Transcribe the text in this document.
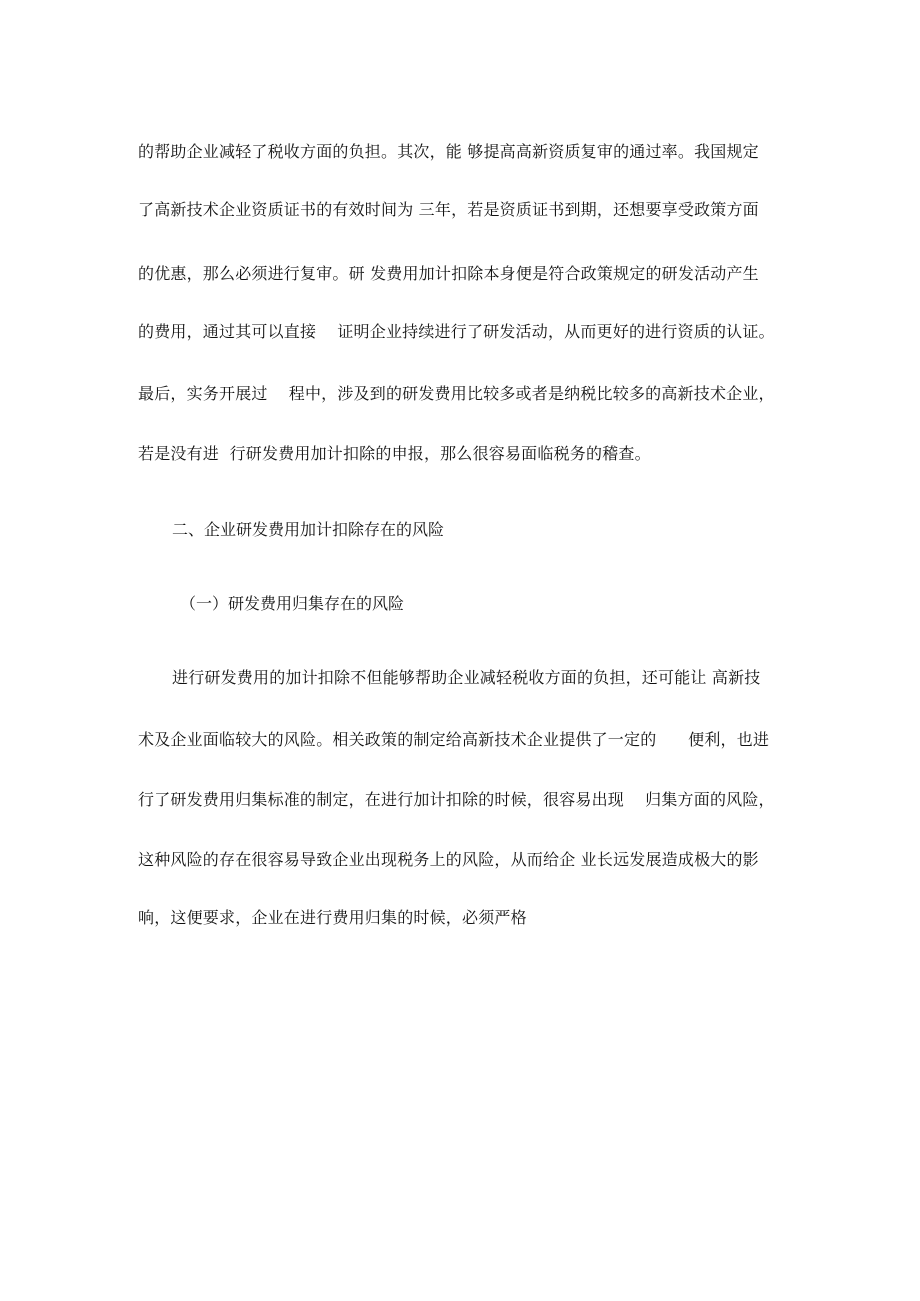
的帮助企业减轻了税收方面的负担。其次，能 够提高高新资质复审的通过率。我国规定
了高新技术企业资质证书的有效时间为 三年，若是资质证书到期，还想要享受政策方面
的优惠，那么必须进行复审。研 发费用加计扣除本身便是符合政策规定的研发活动产生
的费用，通过其可以直接    证明企业持续进行了研发活动，从而更好的进行资质的认证。
最后，实务开展过    程中，涉及到的研发费用比较多或者是纳税比较多的高新技术企业，
若是没有进  行研发费用加计扣除的申报，那么很容易面临税务的稽查。
二、企业研发费用加计扣除存在的风险
（一）研发费用归集存在的风险
进行研发费用的加计扣除不但能够帮助企业减轻税收方面的负担，还可能让 高新技
术及企业面临较大的风险。相关政策的制定给高新技术企业提供了一定的      便利，也进
行了研发费用归集标准的制定，在进行加计扣除的时候，很容易出现    归集方面的风险，
这种风险的存在很容易导致企业出现税务上的风险，从而给企 业长远发展造成极大的影
响，这便要求，企业在进行费用归集的时候，必须严格
